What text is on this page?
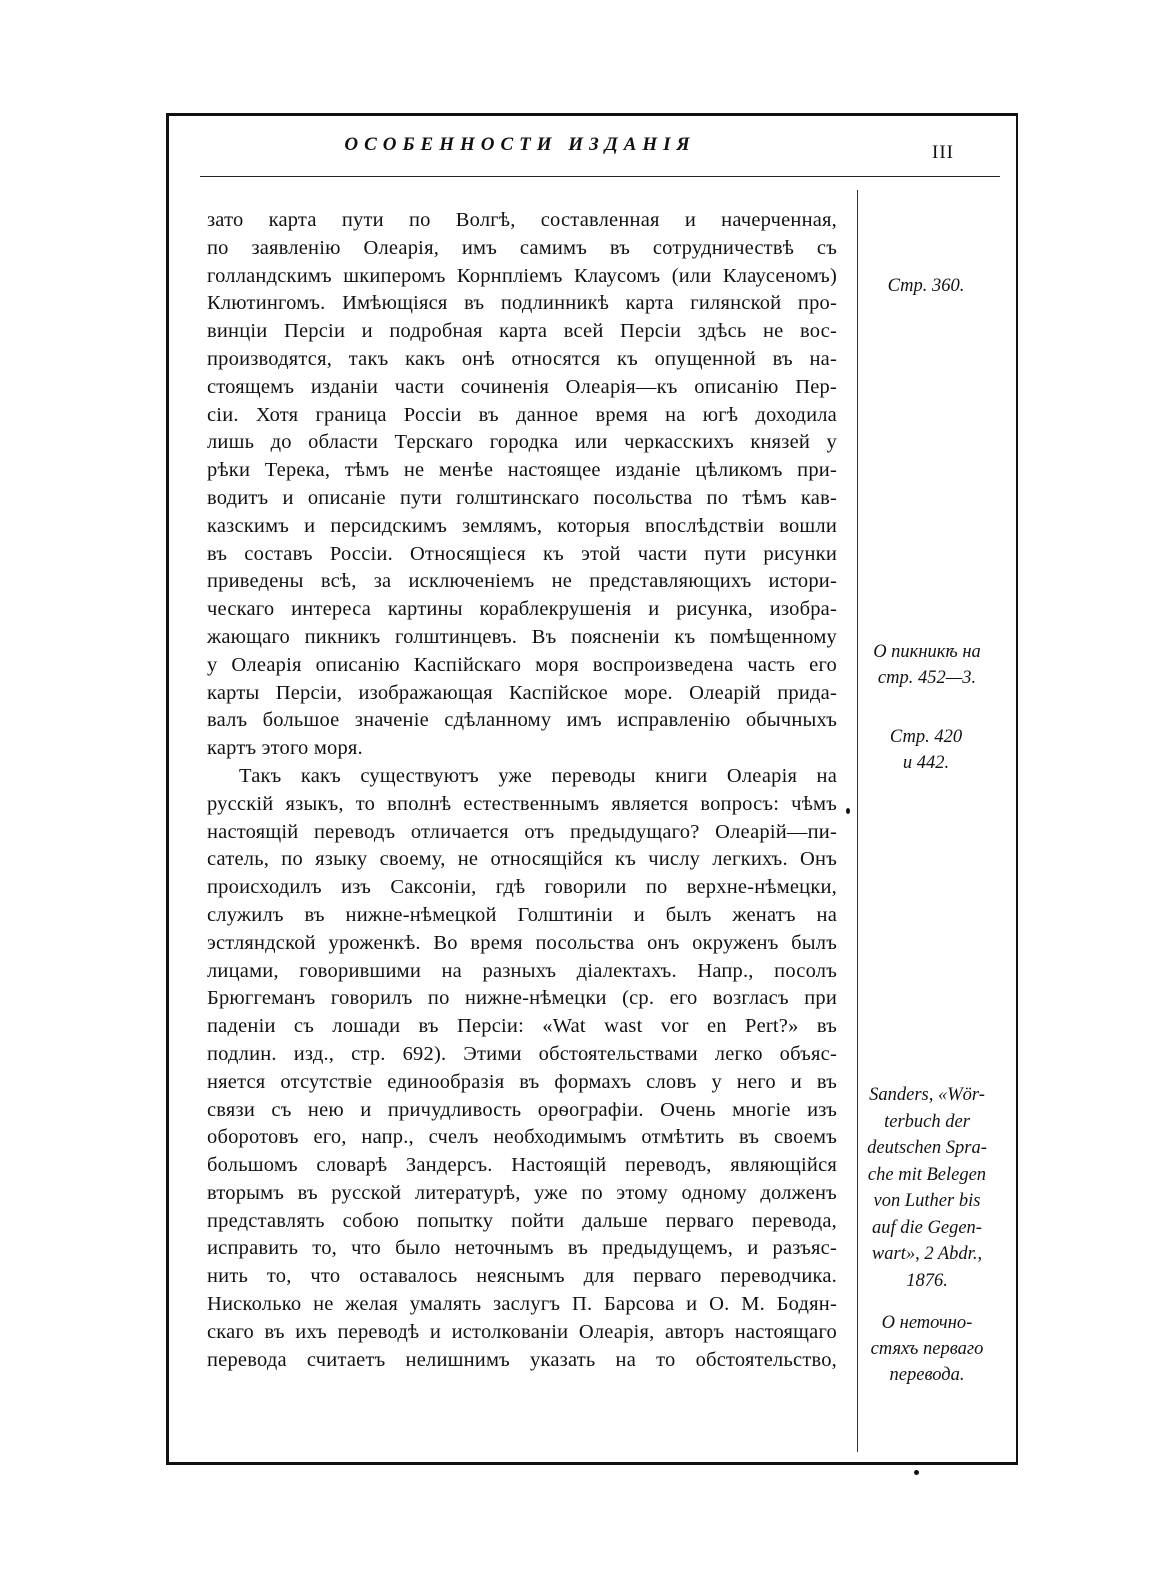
ОСОБЕННОСТИ ИЗДАНІЯ	III
зато карта пути по Волгѣ, составленная и начерченная,
по заявленію Олеарія, имъ самимъ въ сотрудничествѣ съ
голландскимъ шкиперомъ Корнпліемъ Клаусомъ (или Клаусеномъ)
Клютингомъ. Имѣющіяся въ подлинникѣ карта гилянской про-
винціи Персіи и подробная карта всей Персіи здѣсь не вос-
производятся, такъ какъ онѣ относятся къ опущенной въ на-
стоящемъ изданіи части сочиненія Олеарія—къ описанію Пер-
сіи. Хотя граница Россіи въ данное время на югѣ доходила
лишь до области Терскаго городка или черкасскихъ князей у
рѣки Терека, тѣмъ не менѣе настоящее изданіе цѣликомъ при-
водитъ и описаніе пути голштинскаго посольства по тѣмъ кав-
казскимъ и персидскимъ землямъ, которыя впослѣдствіи вошли
въ составъ Россіи. Относящіеся къ этой части пути рисунки
приведены всѣ, за исключеніемъ не представляющихъ истори-
ческаго интереса картины кораблекрушенія и рисунка, изобра-
жающаго пикникъ голштинцевъ. Въ поясненіи къ помѣщенному
у Олеарія описанію Каспійскаго моря воспроизведена часть его
карты Персіи, изображающая Каспійское море. Олеарій прида-
валъ большое значеніе сдѣланному имъ исправленію обычныхъ
картъ этого моря.
Такъ какъ существуютъ уже переводы книги Олеарія на
русскій языкъ, то вполнѣ естественнымъ является вопросъ: чѣмъ
настоящій переводъ отличается отъ предыдущаго? Олеарій—пи-
сатель, по языку своему, не относящійся къ числу легкихъ. Онъ
происходилъ изъ Саксоніи, гдѣ говорили по верхне-нѣмецки,
служилъ въ нижне-нѣмецкой Голштиніи и былъ женатъ на
эстляндской уроженкѣ. Во время посольства онъ окруженъ былъ
лицами, говорившими на разныхъ діалектахъ. Напр., посолъ
Брюггеманъ говорилъ по нижне-нѣмецки (ср. его возгласъ при
паденіи съ лошади въ Персіи: «Wat wast vor en Pert?» въ
подлин. изд., стр. 692). Этими обстоятельствами легко объяс-
няется отсутствіе единообразія въ формахъ словъ у него и въ
связи съ нею и причудливость орѳографіи. Очень многіе изъ
оборотовъ его, напр., счелъ необходимымъ отмѣтить въ своемъ
большомъ словарѣ Зандерсъ. Настоящій переводъ, являющійся
вторымъ въ русской литературѣ, уже по этому одному долженъ
представлять собою попытку пойти дальше перваго перевода,
исправить то, что было неточнымъ въ предыдущемъ, и разъяс-
нить то, что оставалось неяснымъ для перваго переводчика.
Нисколько не желая умалять заслугъ П. Барсова и О. М. Бодян-
скаго въ ихъ переводѣ и истолкованіи Олеарія, авторъ настоящаго
перевода считаетъ нелишнимъ указать на то обстоятельство,
Стр. 360.
О пикникѣ на
стр. 452—3.
Стр. 420
и 442.
Sanders, «Wör-
terbuch der
deutschen Spra-
che mit Belegen
von Luther bis
auf die Gegen-
wart», 2 Abdr.,
1876.
О неточно-
стяхъ перваго
перевода.
